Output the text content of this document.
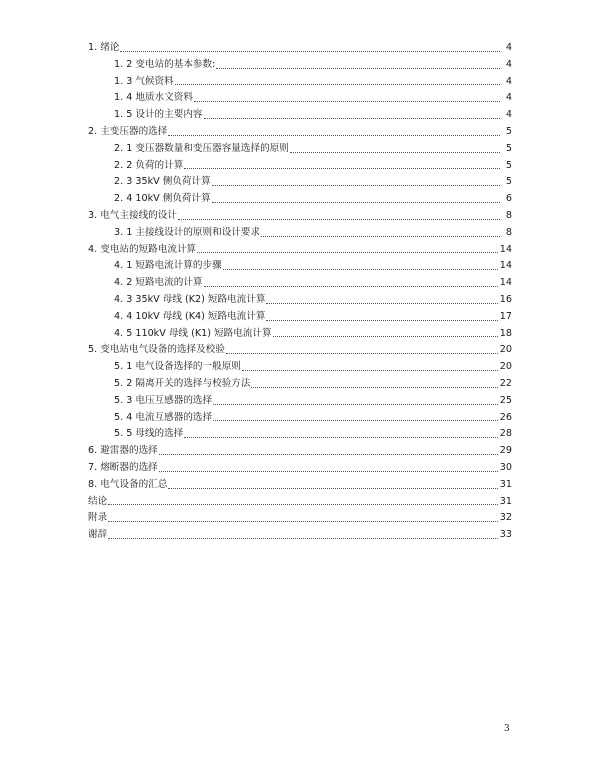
1. 绪论	4
1. 2 变电站的基本参数:	4
1. 3 气候资料	4
1. 4 地质水文资料	4
1. 5 设计的主要内容	4
2. 主变压器的选择	5
2. 1 变压器数量和变压器容量选择的原则	5
2. 2 负荷的计算	5
2. 3 35kV 侧负荷计算	5
2. 4 10kV 侧负荷计算	6
3. 电气主接线的设计	8
3. 1 主接线设计的原则和设计要求	8
4. 变电站的短路电流计算	14
4. 1 短路电流计算的步骤	14
4. 2 短路电流的计算	14
4. 3 35kV 母线 (K2) 短路电流计算	16
4. 4 10kV 母线 (K4) 短路电流计算	17
4. 5 110kV 母线 (K1) 短路电流计算	18
5. 变电站电气设备的选择及校验	20
5. 1 电气设备选择的一般原则	20
5. 2 隔离开关的选择与校验方法	22
5. 3 电压互感器的选择	25
5. 4 电流互感器的选择	26
5. 5 母线的选择	28
6. 避雷器的选择	29
7. 熔断器的选择	30
8. 电气设备的汇总	31
结论	31
附录	32
谢辞	33
3
